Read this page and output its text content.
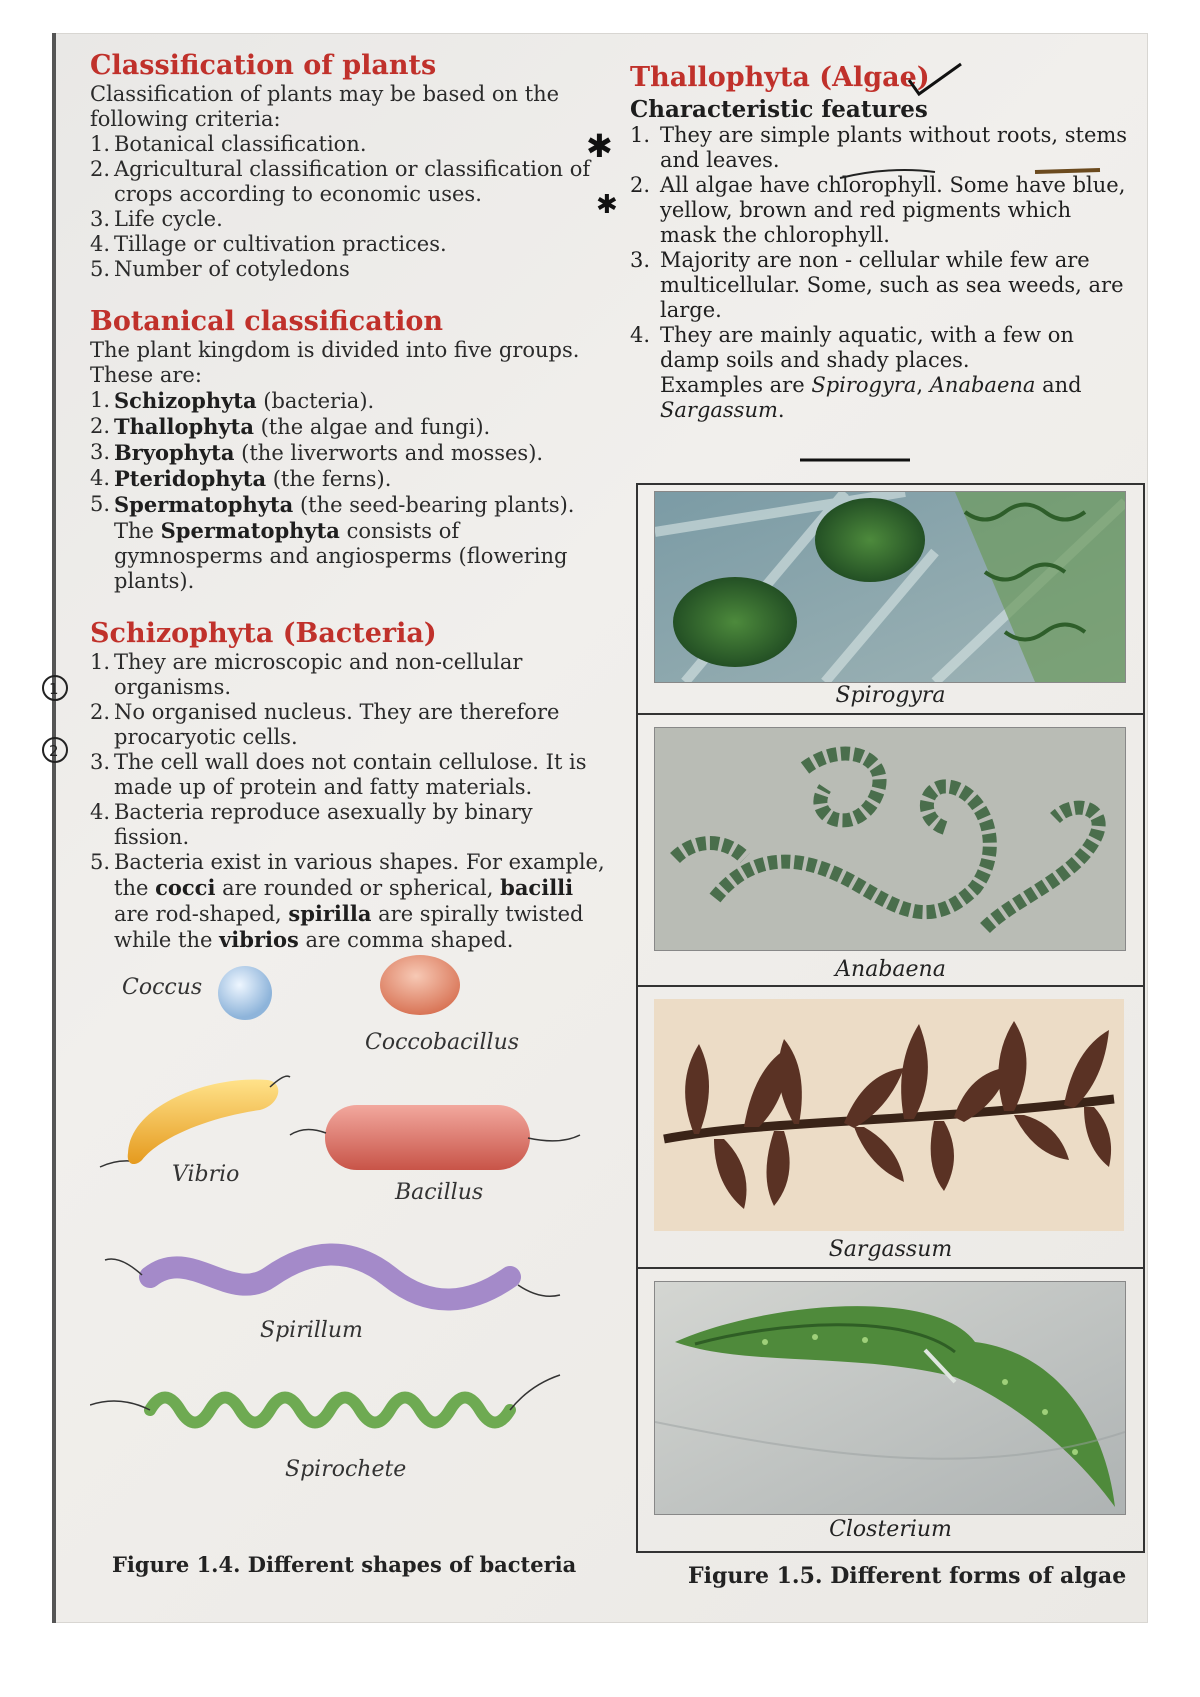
Classification of plants

Classification of plants may be based on the following criteria:

1. Botanical classification.
2. Agricultural classification or classification of crops according to economic uses.
3. Life cycle.
4. Tillage or cultivation practices.
5. Number of cotyledons
Botanical classification

The plant kingdom is divided into five groups. These are:

1. Schizophyta (bacteria).
2. Thallophyta (the algae and fungi).
3. Bryophyta (the liverworts and mosses).
4. Pteridophyta (the ferns).
5. Spermatophyta (the seed-bearing plants). The Spermatophyta consists of gymnosperms and angiosperms (flowering plants).
Schizophyta (Bacteria)
1. They are microscopic and non-cellular organisms.
2. No organised nucleus. They are therefore procaryotic cells.
3. The cell wall does not contain cellulose. It is made up of protein and fatty materials.
4. Bacteria reproduce asexually by binary fission.
5. Bacteria exist in various shapes. For example, the cocci are rounded or spherical, bacilli are rod-shaped, spirilla are spirally twisted while the vibrios are comma shaped.
1
2
Coccus
Coccobacillus
Vibrio
Bacillus
Spirillum
Spirochete
Figure 1.4. Different shapes of bacteria
Thallophyta (Algae)
Characteristic features
1. They are simple plants without roots, stems and leaves.
2. All algae have chlorophyll. Some have blue, yellow, brown and red pigments which mask the chlorophyll.
3. Majority are non - cellular while few are multicellular. Some, such as sea weeds, are large.
4. They are mainly aquatic, with a few on damp soils and shady places.

Examples are Spirogyra, Anabaena and Sargassum.

✱
✱
Spirogyra
Anabaena
Sargassum
Closterium
Figure 1.5. Different forms of algae
